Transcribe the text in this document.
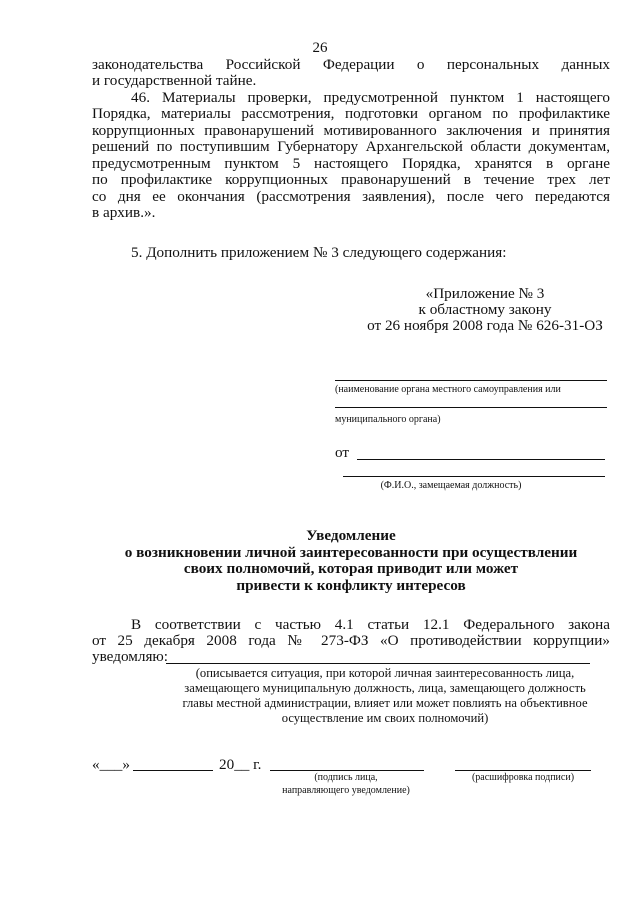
26
законодательства Российской Федерации о персональных данных
и государственной тайне.
46. Материалы проверки, предусмотренной пунктом 1 настоящего
Порядка, материалы рассмотрения, подготовки органом по профилактике
коррупционных правонарушений мотивированного заключения и принятия
решений по поступившим Губернатору Архангельской области документам,
предусмотренным пунктом 5 настоящего Порядка, хранятся в органе
по профилактике коррупционных правонарушений в течение трех лет
со дня ее окончания (рассмотрения заявления), после чего передаются
в архив.».
5. Дополнить приложением № 3 следующего содержания:
«Приложение № 3
к областному закону
от 26 ноября 2008 года № 626-31-ОЗ
(наименование органа местного самоуправления или
муниципального органа)
от
(Ф.И.О., замещаемая должность)
Уведомление
о возникновении личной заинтересованности при осуществлении
своих полномочий, которая приводит или может
привести к конфликту интересов
В соответствии с частью 4.1 статьи 12.1 Федерального закона
от 25 декабря 2008 года № 273-ФЗ «О противодействии коррупции»
уведомляю:
(описывается ситуация, при которой личная заинтересованность лица,
замещающего муниципальную должность, лица, замещающего должность
главы местной администрации, влияет или может повлиять на объективное
осуществление им своих полномочий)
«___»	20__ г.
(подпись лица,
направляющего уведомление)
(расшифровка подписи)
